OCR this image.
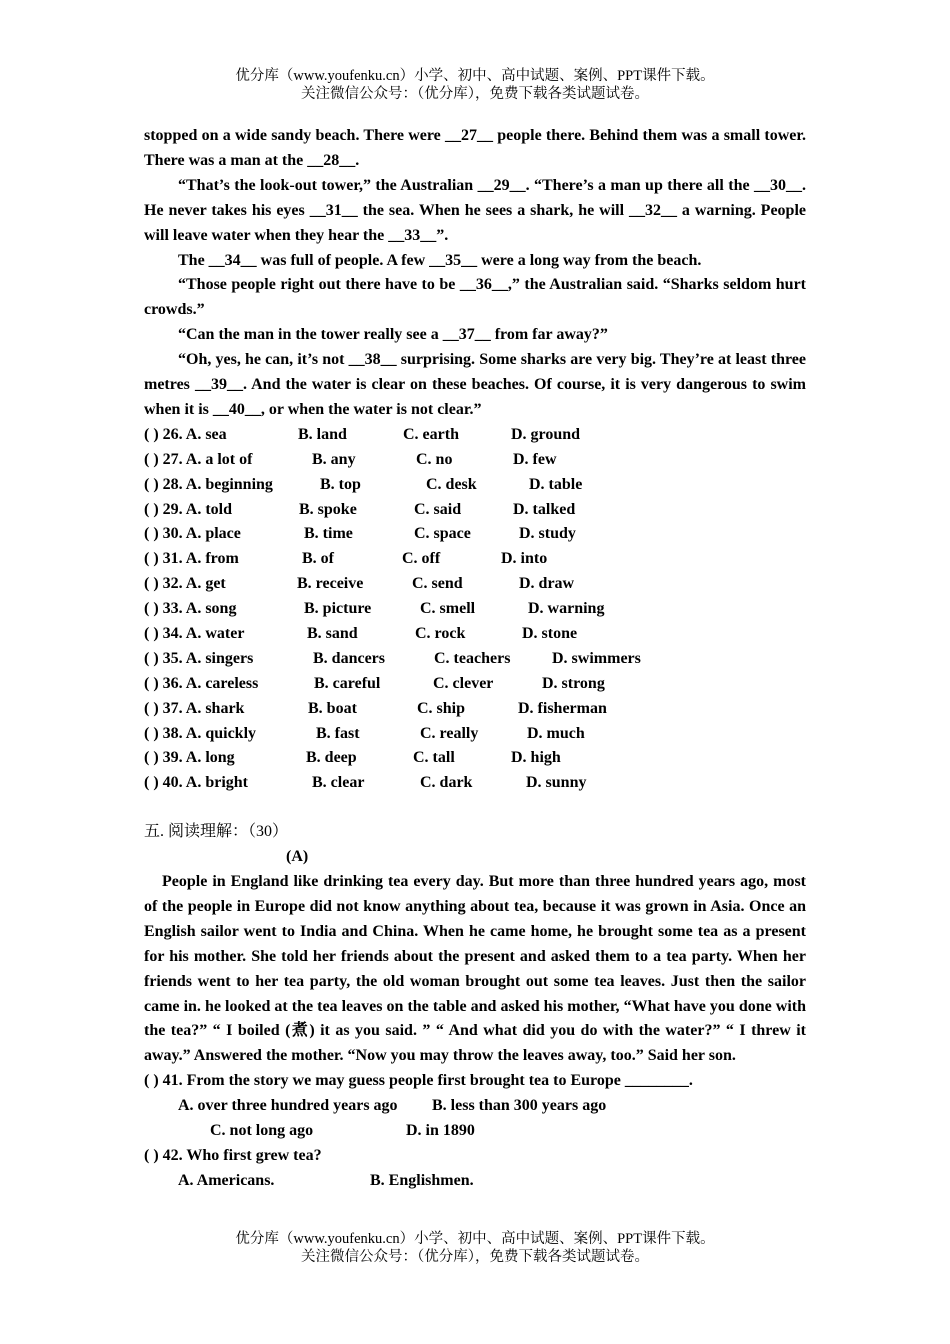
优分库（www.youfenku.cn）小学、初中、高中试题、案例、PPT课件下载。
关注微信公众号：（优分库），免费下载各类试题试卷。

stopped on a wide sandy beach. There were __27__ people there. Behind them was a small tower. There was a man at the __28__.

“That’s the look-out tower,” the Australian __29__. “There’s a man up there all the __30__. He never takes his eyes __31__ the sea. When he sees a shark, he will __32__ a warning. People will leave water when they hear the __33__”.

The __34__ was full of people. A few __35__ were a long way from the beach.

“Those people right out there have to be __36__,” the Australian said. “Sharks seldom hurt crowds.”

“Can the man in the tower really see a __37__ from far away?”

“Oh, yes, he can, it’s not __38__ surprising. Some sharks are very big. They’re at least three metres __39__. And the water is clear on these beaches. Of course, it is very dangerous to swim when it is __40__, or when the water is not clear.”

( ) 26. A. sea	B. land	C. earth	D. ground
( ) 27. A. a lot of	B. any	C. no	D. few
( ) 28. A. beginning	B. top	C. desk	D. table
( ) 29. A. told	B. spoke	C. said	D. talked
( ) 30. A. place	B. time	C. space	D. study
( ) 31. A. from	B. of	C. off	D. into
( ) 32. A. get	B. receive	C. send	D. draw
( ) 33. A. song	B. picture	C. smell	D. warning
( ) 34. A. water	B. sand	C. rock	D. stone
( ) 35. A. singers	B. dancers	C. teachers	D. swimmers
( ) 36. A. careless	B. careful	C. clever	D. strong
( ) 37. A. shark	B. boat	C. ship	D. fisherman
( ) 38. A. quickly	B. fast	C. really	D. much
( ) 39. A. long	B. deep	C. tall	D. high
( ) 40. A. bright	B. clear	C. dark	D. sunny
五. 阅读理解：（30）
(A)

People in England like drinking tea every day. But more than three hundred years ago, most of the people in Europe did not know anything about tea, because it was grown in Asia. Once an English sailor went to India and China. When he came home, he brought some tea as a present for his mother. She told her friends about the present and asked them to a tea party. When her friends went to her tea party, the old woman brought out some tea leaves. Just then the sailor came in. he looked at the tea leaves on the table and asked his mother, “What have you done with the tea?” “ I boiled (煮) it as you said. ” “ And what did you do with the water?” “ I threw it away.” Answered the mother. “Now you may throw the leaves away, too.” Said her son.

( ) 41. From the story we may guess people first brought tea to Europe ________.
A. over three hundred years ago B. less than 300 years ago
C. not long ago	D. in 1890
( ) 42. Who first grew tea?
A. Americans.	B. Englishmen.
优分库（www.youfenku.cn）小学、初中、高中试题、案例、PPT课件下载。
关注微信公众号：（优分库），免费下载各类试题试卷。
